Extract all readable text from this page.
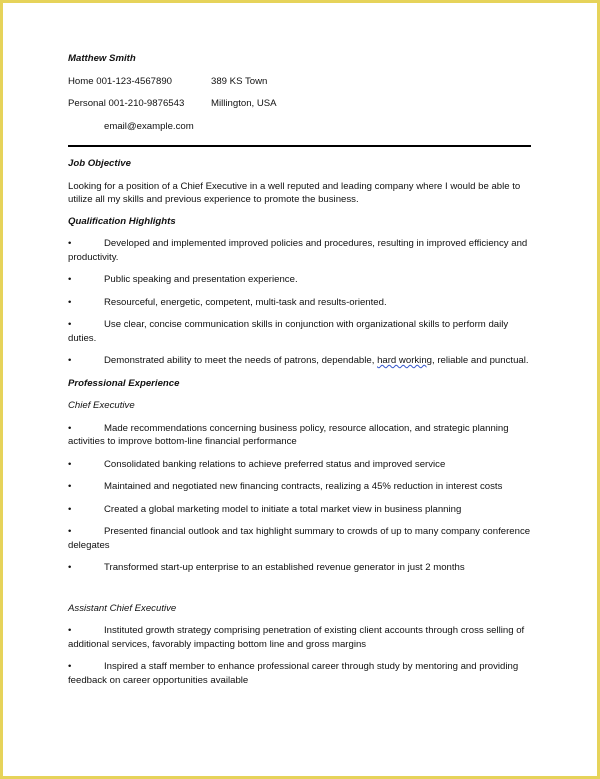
Matthew Smith
Home 001-123-4567890	389 KS Town
Personal 001-210-9876543	Millington, USA
email@example.com
Job Objective
Looking for a position of a Chief Executive in a well reputed and leading company where I would be able to utilize all my skills and previous experience to promote the business.
Qualification Highlights
•	Developed and implemented improved policies and procedures, resulting in improved efficiency and productivity.
•	Public speaking and presentation experience.
•	Resourceful, energetic, competent, multi-task and results-oriented.
•	Use clear, concise communication skills in conjunction with organizational skills to perform daily duties.
•	Demonstrated ability to meet the needs of patrons, dependable, hard working, reliable and punctual.
Professional Experience
Chief Executive
•	Made recommendations concerning business policy, resource allocation, and strategic planning activities to improve bottom-line financial performance
•	Consolidated banking relations to achieve preferred status and improved service
•	Maintained and negotiated new financing contracts, realizing a 45% reduction in interest costs
•	Created a global marketing model to initiate a total market view in business planning
•	Presented financial outlook and tax highlight summary to crowds of up to many company conference delegates
•	Transformed start-up enterprise to an established revenue generator in just 2 months
Assistant Chief Executive
•	Instituted growth strategy comprising penetration of existing client accounts through cross selling of additional services, favorably impacting bottom line and gross margins
•	Inspired a staff member to enhance professional career through study by mentoring and providing feedback on career opportunities available
